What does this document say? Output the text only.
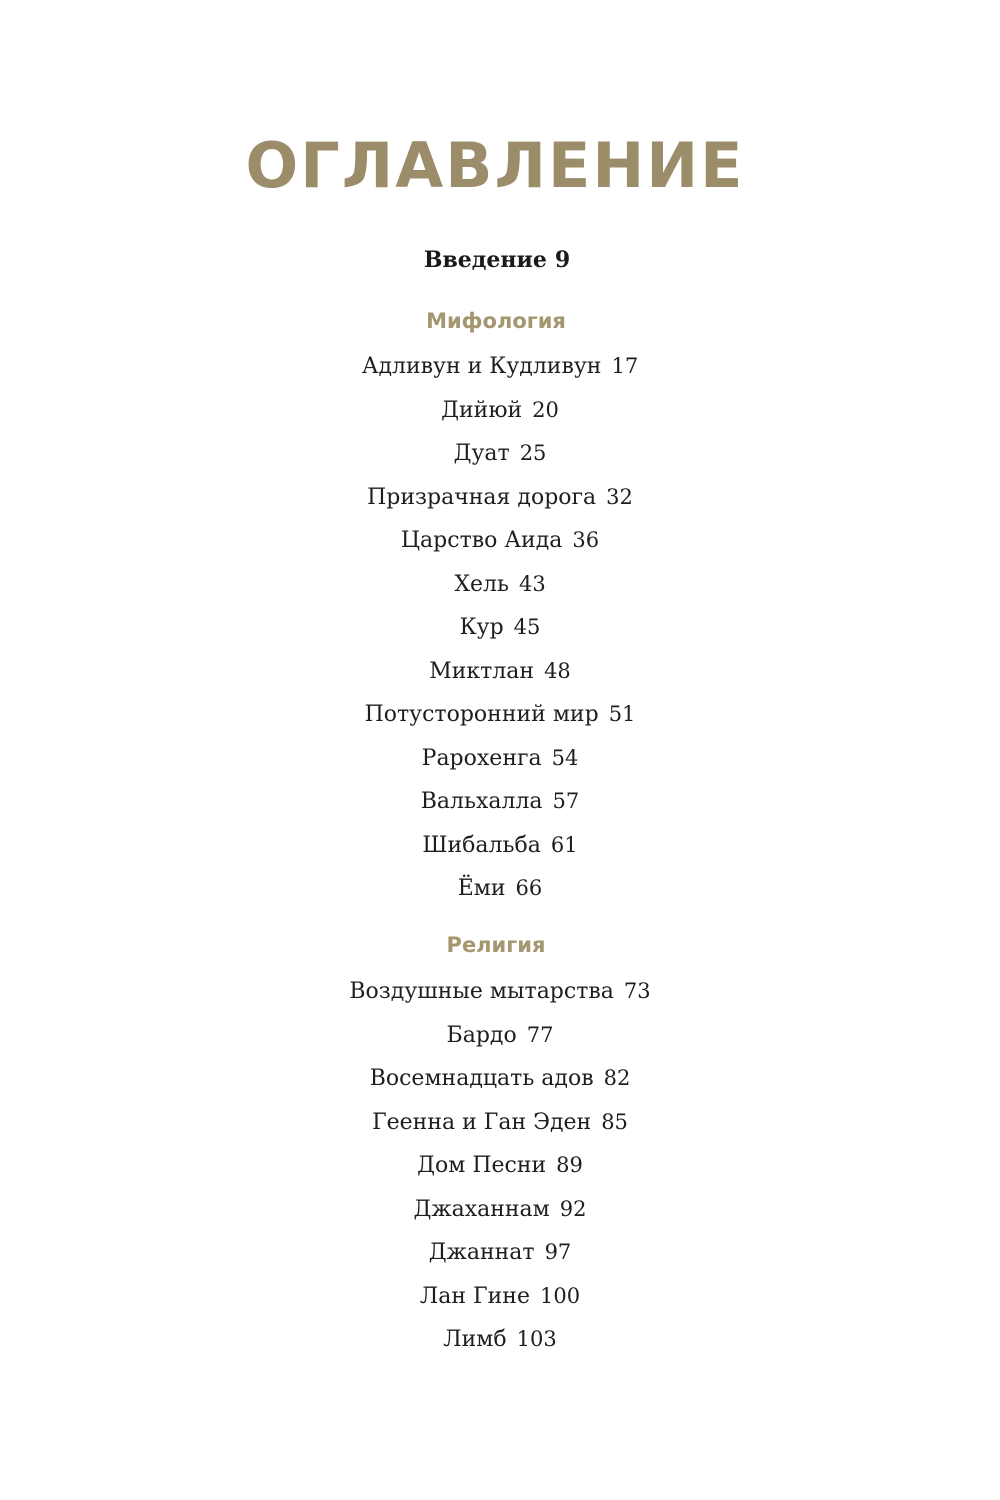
ОГЛАВЛЕНИЕ
Введение 9
Мифология
Адливун и Кудливун 17
Дийюй 20
Дуат 25
Призрачная дорога 32
Царство Аида 36
Хель 43
Кур 45
Миктлан 48
Потусторонний мир 51
Рарохенга 54
Вальхалла 57
Шибальба 61
Ёми 66
Религия
Воздушные мытарства 73
Бардо 77
Восемнадцать адов 82
Геенна и Ган Эден 85
Дом Песни 89
Джаханнам 92
Джаннат 97
Лан Гине 100
Лимб 103
